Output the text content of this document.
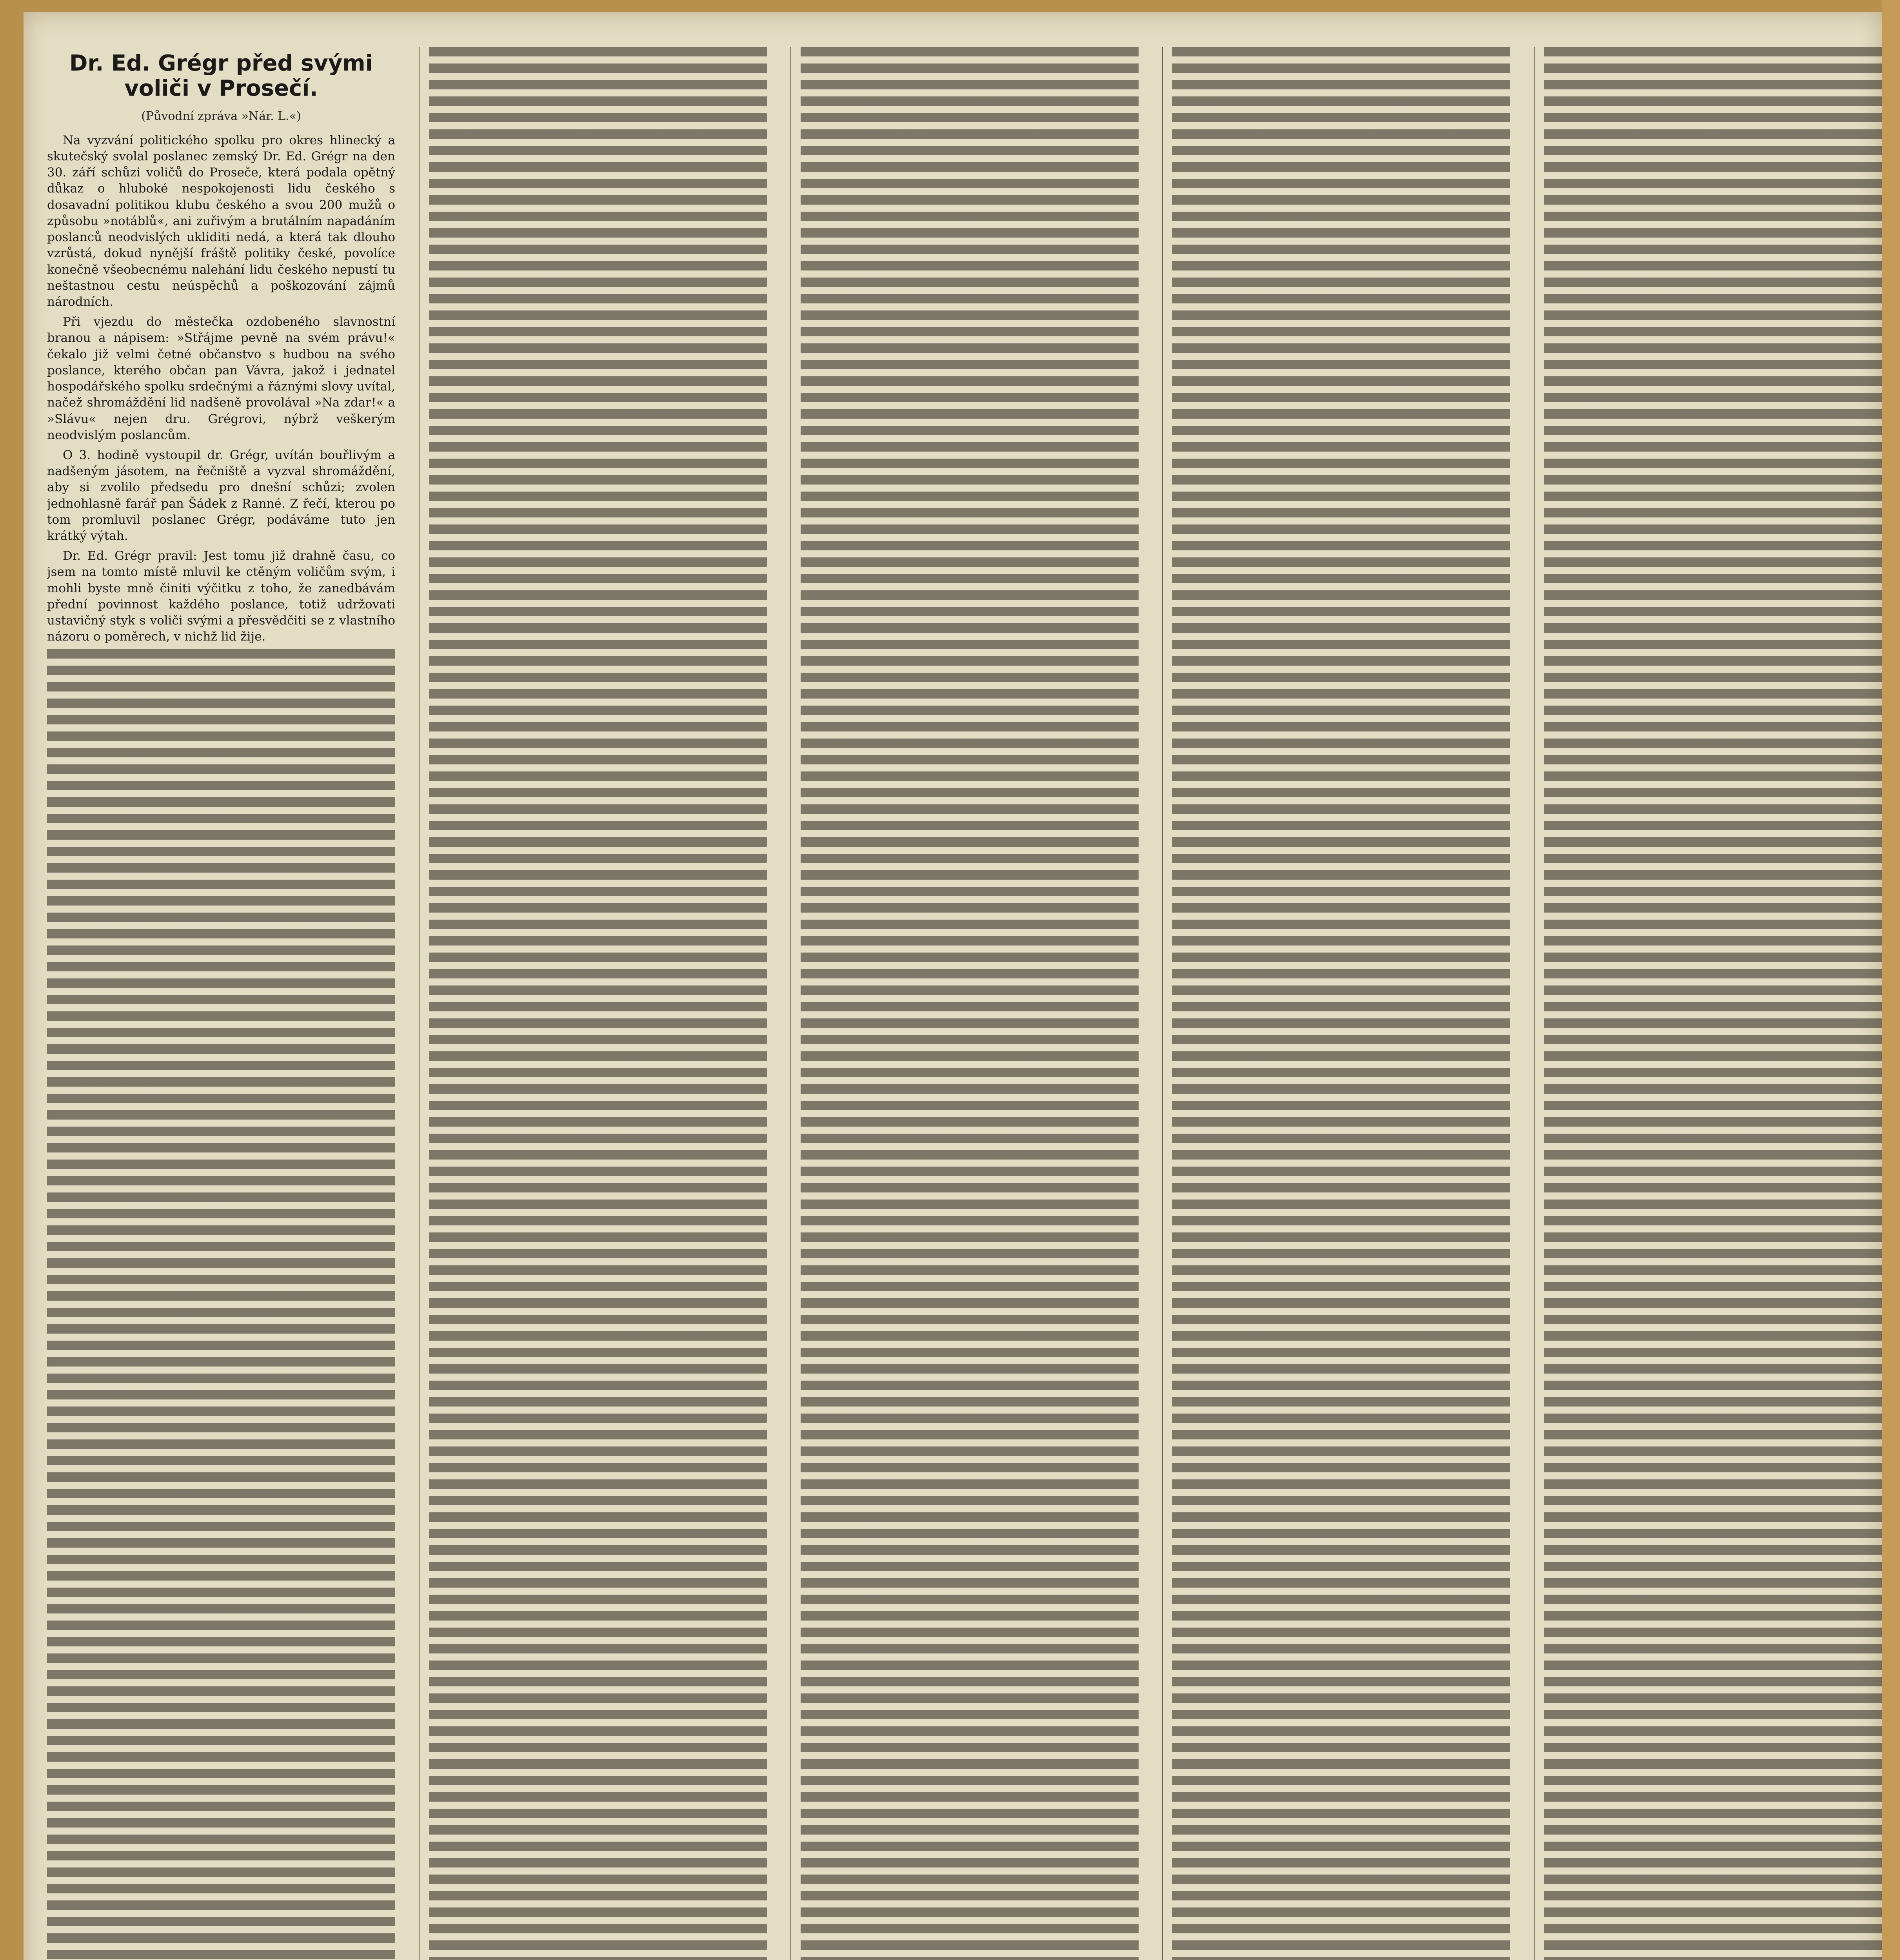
Dr. Ed. Grégr před svými voliči v Prosečí.
(Původní zpráva »Nár. L.«)

Na vyzvání politického spolku pro okres hlinecký a skutečský svolal poslanec zemský Dr. Ed. Grégr na den 30. září schůzi voličů do Proseče, která podala opětný důkaz o hluboké nespokojenosti lidu českého s dosavadní politikou klubu českého a svou 200 mužů o způsobu »notáblů«, ani zuřivým a brutálním napadáním poslanců neodvislých ukliditi nedá, a která tak dlouho vzrůstá, dokud nynější fráště politiky české, povolíce konečně všeobecnému nalehání lidu českého nepustí tu neštastnou cestu neúspěchů a poškozování zájmů národních.

Při vjezdu do městečka ozdobeného slavnostní branou a nápisem: »Střájme pevně na svém právu!« čekalo již velmi četné občanstvo s hudbou na svého poslance, kterého občan pan Vávra, jakož i jednatel hospodářského spolku srdečnými a řáznými slovy uvítal, načež shromáždění lid nadšeně provolával »Na zdar!« a »Slávu« nejen dru. Grégrovi, nýbrž veškerým neodvislým poslancům.

O 3. hodině vystoupil dr. Grégr, uvítán bouřlivým a nadšeným jásotem, na řečniště a vyzval shromáždění, aby si zvolilo předsedu pro dnešní schůzi; zvolen jednohlasně farář pan Šádek z Ranné. Z řečí, kterou po tom promluvil poslanec Grégr, podáváme tuto jen krátký výtah.

Dr. Ed. Grégr pravil: Jest tomu již drahně času, co jsem na tomto místě mluvil ke ctěným voličům svým, i mohli byste mně činiti výčitku z toho, že zanedbávám přední povinnost každého poslance, totiž udržovati ustavičný styk s voliči svými a přesvědčiti se z vlastního názoru o poměrech, v nichž lid žije.
